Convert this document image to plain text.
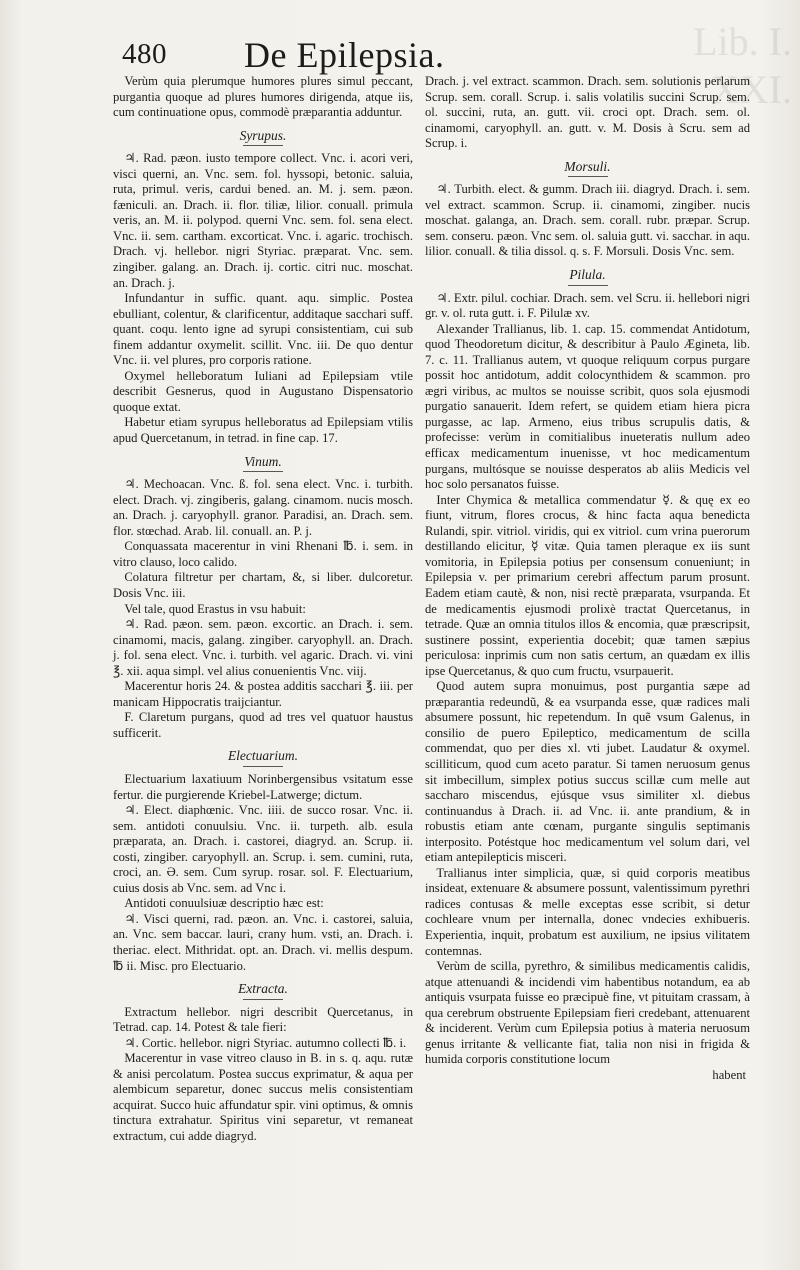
Lib. I.
XXI.
480 De Epilepsia.

Verùm quia plerumque humores plures simul peccant, purgantia quoque ad plures humores dirigenda, atque iis, cum continuatione opus, commodè præparantia adduntur.

Syrupus.

♃. Rad. pæon. iusto tempore collect. Vnc. i. acori veri, visci querni, an. Vnc. sem. fol. hyssopi, betonic. saluia, ruta, primul. veris, cardui bened. an. M. j. sem. pæon. fæniculi. an. Drach. ii. flor. tiliæ, lilior. conuall. primula veris, an. M. ii. polypod. querni Vnc. sem. fol. sena elect. Vnc. ii. sem. cartham. excorticat. Vnc. i. agaric. trochisch. Drach. vj. hellebor. nigri Styriac. præparat. Vnc. sem. zingiber. galang. an. Drach. ij. cortic. citri nuc. moschat. an. Drach. j.

Infundantur in suffic. quant. aqu. simplic. Postea ebulliant, colentur, & clarificentur, additaque sacchari suff. quant. coqu. lento igne ad syrupi consistentiam, cui sub finem addantur oxymelit. scillit. Vnc. iii. De quo dentur Vnc. ii. vel plures, pro corporis ratione.

Oxymel helleboratum Iuliani ad Epilepsiam vtile describit Gesnerus, quod in Augustano Dispensatorio quoque extat.

Habetur etiam syrupus helleboratus ad Epilepsiam vtilis apud Quercetanum, in tetrad. in fine cap. 17.

Vinum.

♃. Mechoacan. Vnc. ß. fol. sena elect. Vnc. i. turbith. elect. Drach. vj. zingiberis, galang. cinamom. nucis mosch. an. Drach. j. caryophyll. granor. Paradisi, an. Drach. sem. flor. stœchad. Arab. lil. conuall. an. P. j.

Conquassata macerentur in vini Rhenani ℔. i. sem. in vitro clauso, loco calido.

Colatura filtretur per chartam, &, si liber. dulcoretur. Dosis Vnc. iii.

Vel tale, quod Erastus in vsu habuit:

♃. Rad. pæon. sem. pæon. excortic. an Drach. i. sem. cinamomi, macis, galang. zingiber. caryophyll. an. Drach. j. fol. sena elect. Vnc. i. turbith. vel agaric. Drach. vi. vini ℥. xii. aqua simpl. vel alius conuenientis Vnc. viij.

Macerentur horis 24. & postea additis sacchari ℥. iii. per manicam Hippocratis traijciantur.

F. Claretum purgans, quod ad tres vel quatuor haustus sufficerit.

Electuarium.

Electuarium laxatiuum Norinbergensibus vsitatum esse fertur. die purgierende Kriebel-Latwerge; dictum.

♃. Elect. diaphœnic. Vnc. iiii. de succo rosar. Vnc. ii. sem. antidoti conuulsiu. Vnc. ii. turpeth. alb. esula præparata, an. Drach. i. castorei, diagryd. an. Scrup. ii. costi, zingiber. caryophyll. an. Scrup. i. sem. cumini, ruta, croci, an. Ə. sem. Cum syrup. rosar. sol. F. Electuarium, cuius dosis ab Vnc. sem. ad Vnc i.

Antidoti conuulsiuæ descriptio hæc est:

♃. Visci querni, rad. pæon. an. Vnc. i. castorei, saluia, an. Vnc. sem baccar. lauri, crany hum. vsti, an. Drach. i. theriac. elect. Mithridat. opt. an. Drach. vi. mellis despum. ℔ ii. Misc. pro Electuario.

Extracta.

Extractum hellebor. nigri describit Quercetanus, in Tetrad. cap. 14. Potest & tale fieri:

♃. Cortic. hellebor. nigri Styriac. autumno collecti ℔. i.

Macerentur in vase vitreo clauso in B. in s. q. aqu. rutæ & anisi percolatum. Postea succus exprimatur, & aqua per alembicum separetur, donec succus melis consistentiam acquirat. Succo huic affundatur spir. vini optimus, & omnis tinctura extrahatur. Spiritus vini separetur, vt remaneat extractum, cui adde diagryd.

Drach. j. vel extract. scammon. Drach. sem. solutionis perlarum Scrup. sem. corall. Scrup. i. salis volatilis succini Scrup. sem. ol. succini, ruta, an. gutt. vii. croci opt. Drach. sem. ol. cinamomi, caryophyll. an. gutt. v. M. Dosis à Scru. sem ad Scrup. i.

Morsuli.

♃. Turbith. elect. & gumm. Drach iii. diagryd. Drach. i. sem. vel extract. scammon. Scrup. ii. cinamomi, zingiber. nucis moschat. galanga, an. Drach. sem. corall. rubr. præpar. Scrup. sem. conseru. pæon. Vnc sem. ol. saluia gutt. vi. sacchar. in aqu. lilior. conuall. & tilia dissol. q. s. F. Morsuli. Dosis Vnc. sem.

Pilula.

♃. Extr. pilul. cochiar. Drach. sem. vel Scru. ii. hellebori nigri gr. v. ol. ruta gutt. i. F. Pilulæ xv.

Alexander Trallianus, lib. 1. cap. 15. commendat Antidotum, quod Theodoretum dicitur, & describitur à Paulo Ægineta, lib. 7. c. 11. Trallianus autem, vt quoque reliquum corpus purgare possit hoc antidotum, addit colocynthidem & scammon. pro ægri viribus, ac multos se nouisse scribit, quos sola ejusmodi purgatio sanauerit. Idem refert, se quidem etiam hiera picra purgasse, ac lap. Armeno, eius tribus scrupulis datis, & profecisse: verùm in comitialibus inueteratis nullum adeo efficax medicamentum inuenisse, vt hoc medicamentum purgans, multósque se nouisse desperatos ab aliis Medicis vel hoc solo persanatos fuisse.

Inter Chymica & metallica commendatur ☿. & quę ex eo fiunt, vitrum, flores crocus, & hinc facta aqua benedicta Rulandi, spir. vitriol. viridis, qui ex vitriol. cum vrina puerorum destillando elicitur, ☿ vitæ. Quia tamen pleraque ex iis sunt vomitoria, in Epilepsia potius per consensum conueniunt; in Epilepsia v. per primarium cerebri affectum parum prosunt. Eadem etiam cautè, & non, nisi rectè præparata, vsurpanda. Et de medicamentis ejusmodi prolixè tractat Quercetanus, in tetrade. Quæ an omnia titulos illos & encomia, quæ præscripsit, sustinere possint, experientia docebit; quæ tamen sæpius periculosa: inprimis cum non satis certum, an quædam ex illis ipse Quercetanus, & quo cum fructu, vsurpauerit.

Quod autem supra monuimus, post purgantia sæpe ad præparantia redeundũ, & ea vsurpanda esse, quæ radices mali absumere possunt, hic repetendum. In quẽ vsum Galenus, in consilio de puero Epileptico, medicamentum de scilla commendat, quo per dies xl. vti jubet. Laudatur & oxymel. scilliticum, quod cum aceto paratur. Si tamen neruosum genus sit imbecillum, simplex potius succus scillæ cum melle aut saccharo miscendus, ejúsque vsus similiter xl. diebus continuandus à Drach. ii. ad Vnc. ii. ante prandium, & in robustis etiam ante cœnam, purgante singulis septimanis interposito. Potéstque hoc medicamentum vel solum dari, vel etiam antepilepticis misceri.

Trallianus inter simplicia, quæ, si quid corporis meatibus insideat, extenuare & absumere possunt, valentissimum pyrethri radices contusas & melle exceptas esse scribit, si detur cochleare vnum per internalla, donec vndecies exhibueris. Experientia, inquit, probatum est auxilium, ne ipsius vilitatem contemnas.

Verùm de scilla, pyrethro, & similibus medicamentis calidis, atque attenuandi & incidendi vim habentibus notandum, ea ab antiquis vsurpata fuisse eo præcipuè fine, vt pituitam crassam, à qua cerebrum obstruente Epilepsiam fieri credebant, attenuarent & inciderent. Verùm cum Epilepsia potius à materia neruosum genus irritante & vellicante fiat, talia non nisi in frigida & humida corporis constitutione locum

habent
